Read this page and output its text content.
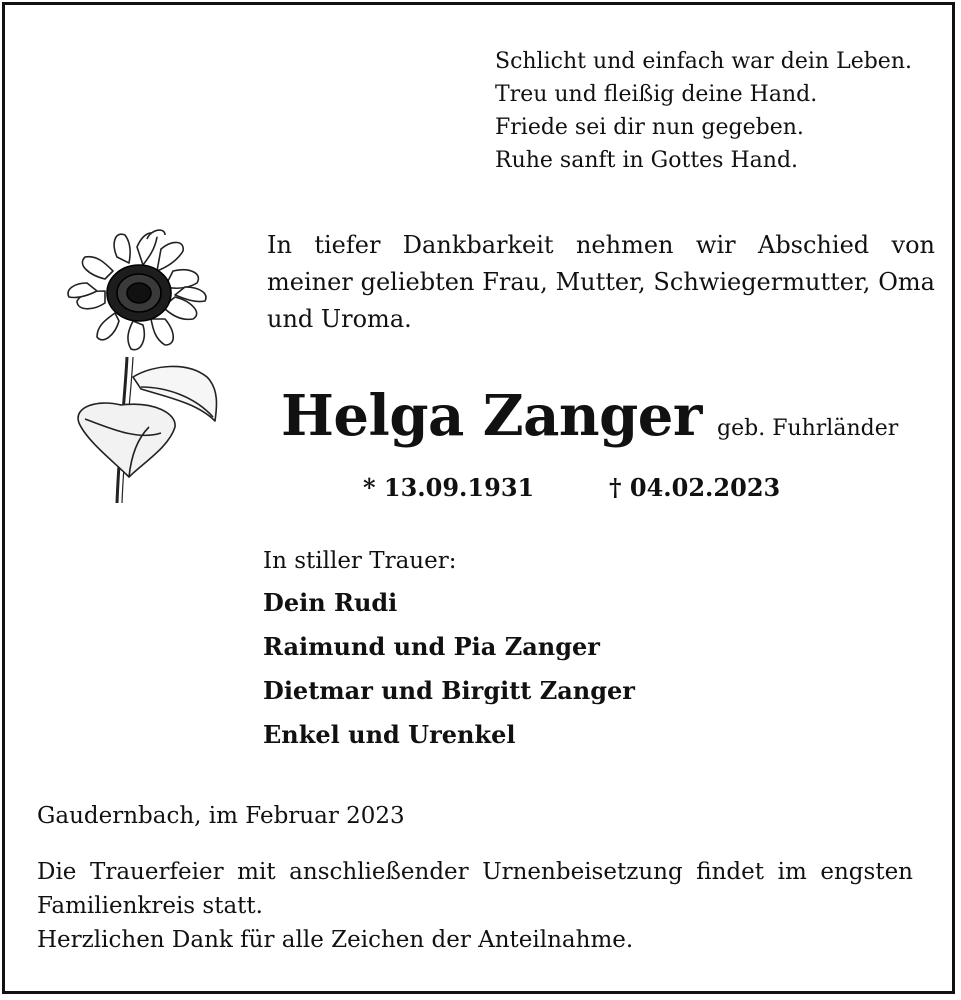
Schlicht und einfach war dein Leben.
Treu und fleißig deine Hand.
Friede sei dir nun gegeben.
Ruhe sanft in Gottes Hand.
In tiefer Dankbarkeit nehmen wir Abschied von meiner geliebten Frau, Mutter, Schwiegermutter, Oma und Uroma.
Helga Zanger geb. Fuhrländer
* 13.09.1931	† 04.02.2023
In stiller Trauer:
Dein Rudi
Raimund und Pia Zanger
Dietmar und Birgitt Zanger
Enkel und Urenkel
Gaudernbach, im Februar 2023
Die Trauerfeier mit anschließender Urnenbeisetzung findet im engsten Familienkreis statt.
Herzlichen Dank für alle Zeichen der Anteilnahme.
